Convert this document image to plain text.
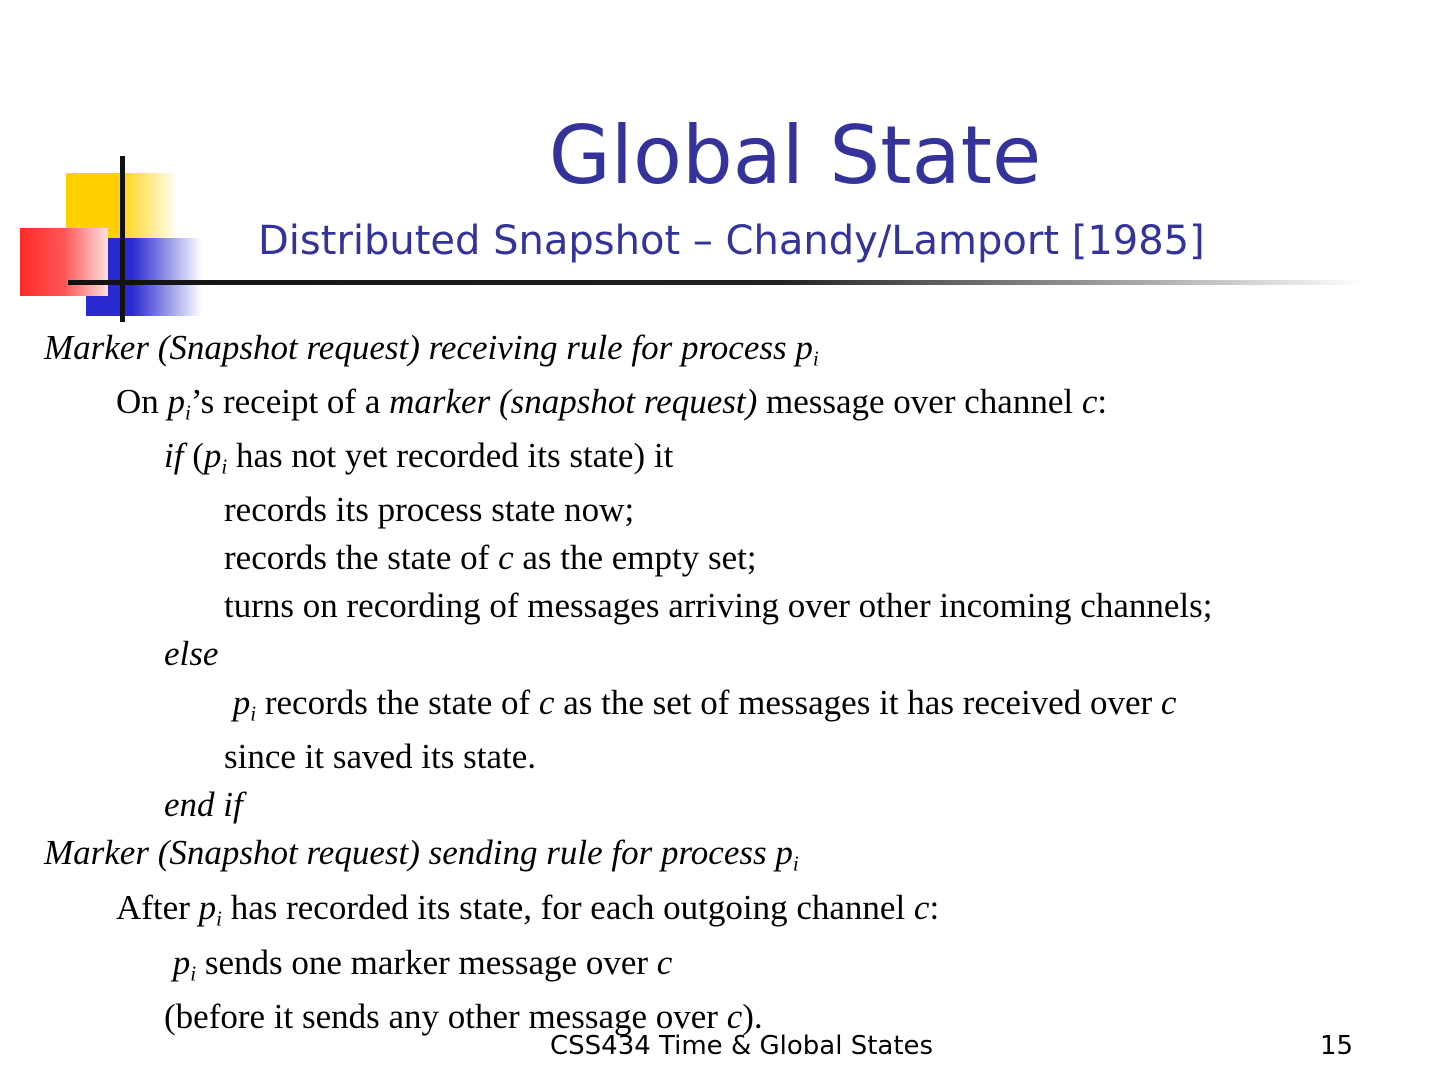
Global State
Distributed Snapshot – Chandy/Lamport [1985]
Marker (Snapshot request) receiving rule for process $p_i$
On $p_i’s$ receipt of a marker (snapshot request) message over channel c:
if ($p_i$ has not yet recorded its state) it
records its process state now;
records the state of c as the empty set;
turns on recording of messages arriving over other incoming channels;
else
$p_i$ records the state of c as the set of messages it has received over c
since it saved its state.
end if
Marker (Snapshot request) sending rule for process $p_i$
After $p_i$ has recorded its state, for each outgoing channel c:
$p_i$ sends one marker message over c
(before it sends any other message over c).
CSS434 Time & Global States	15
